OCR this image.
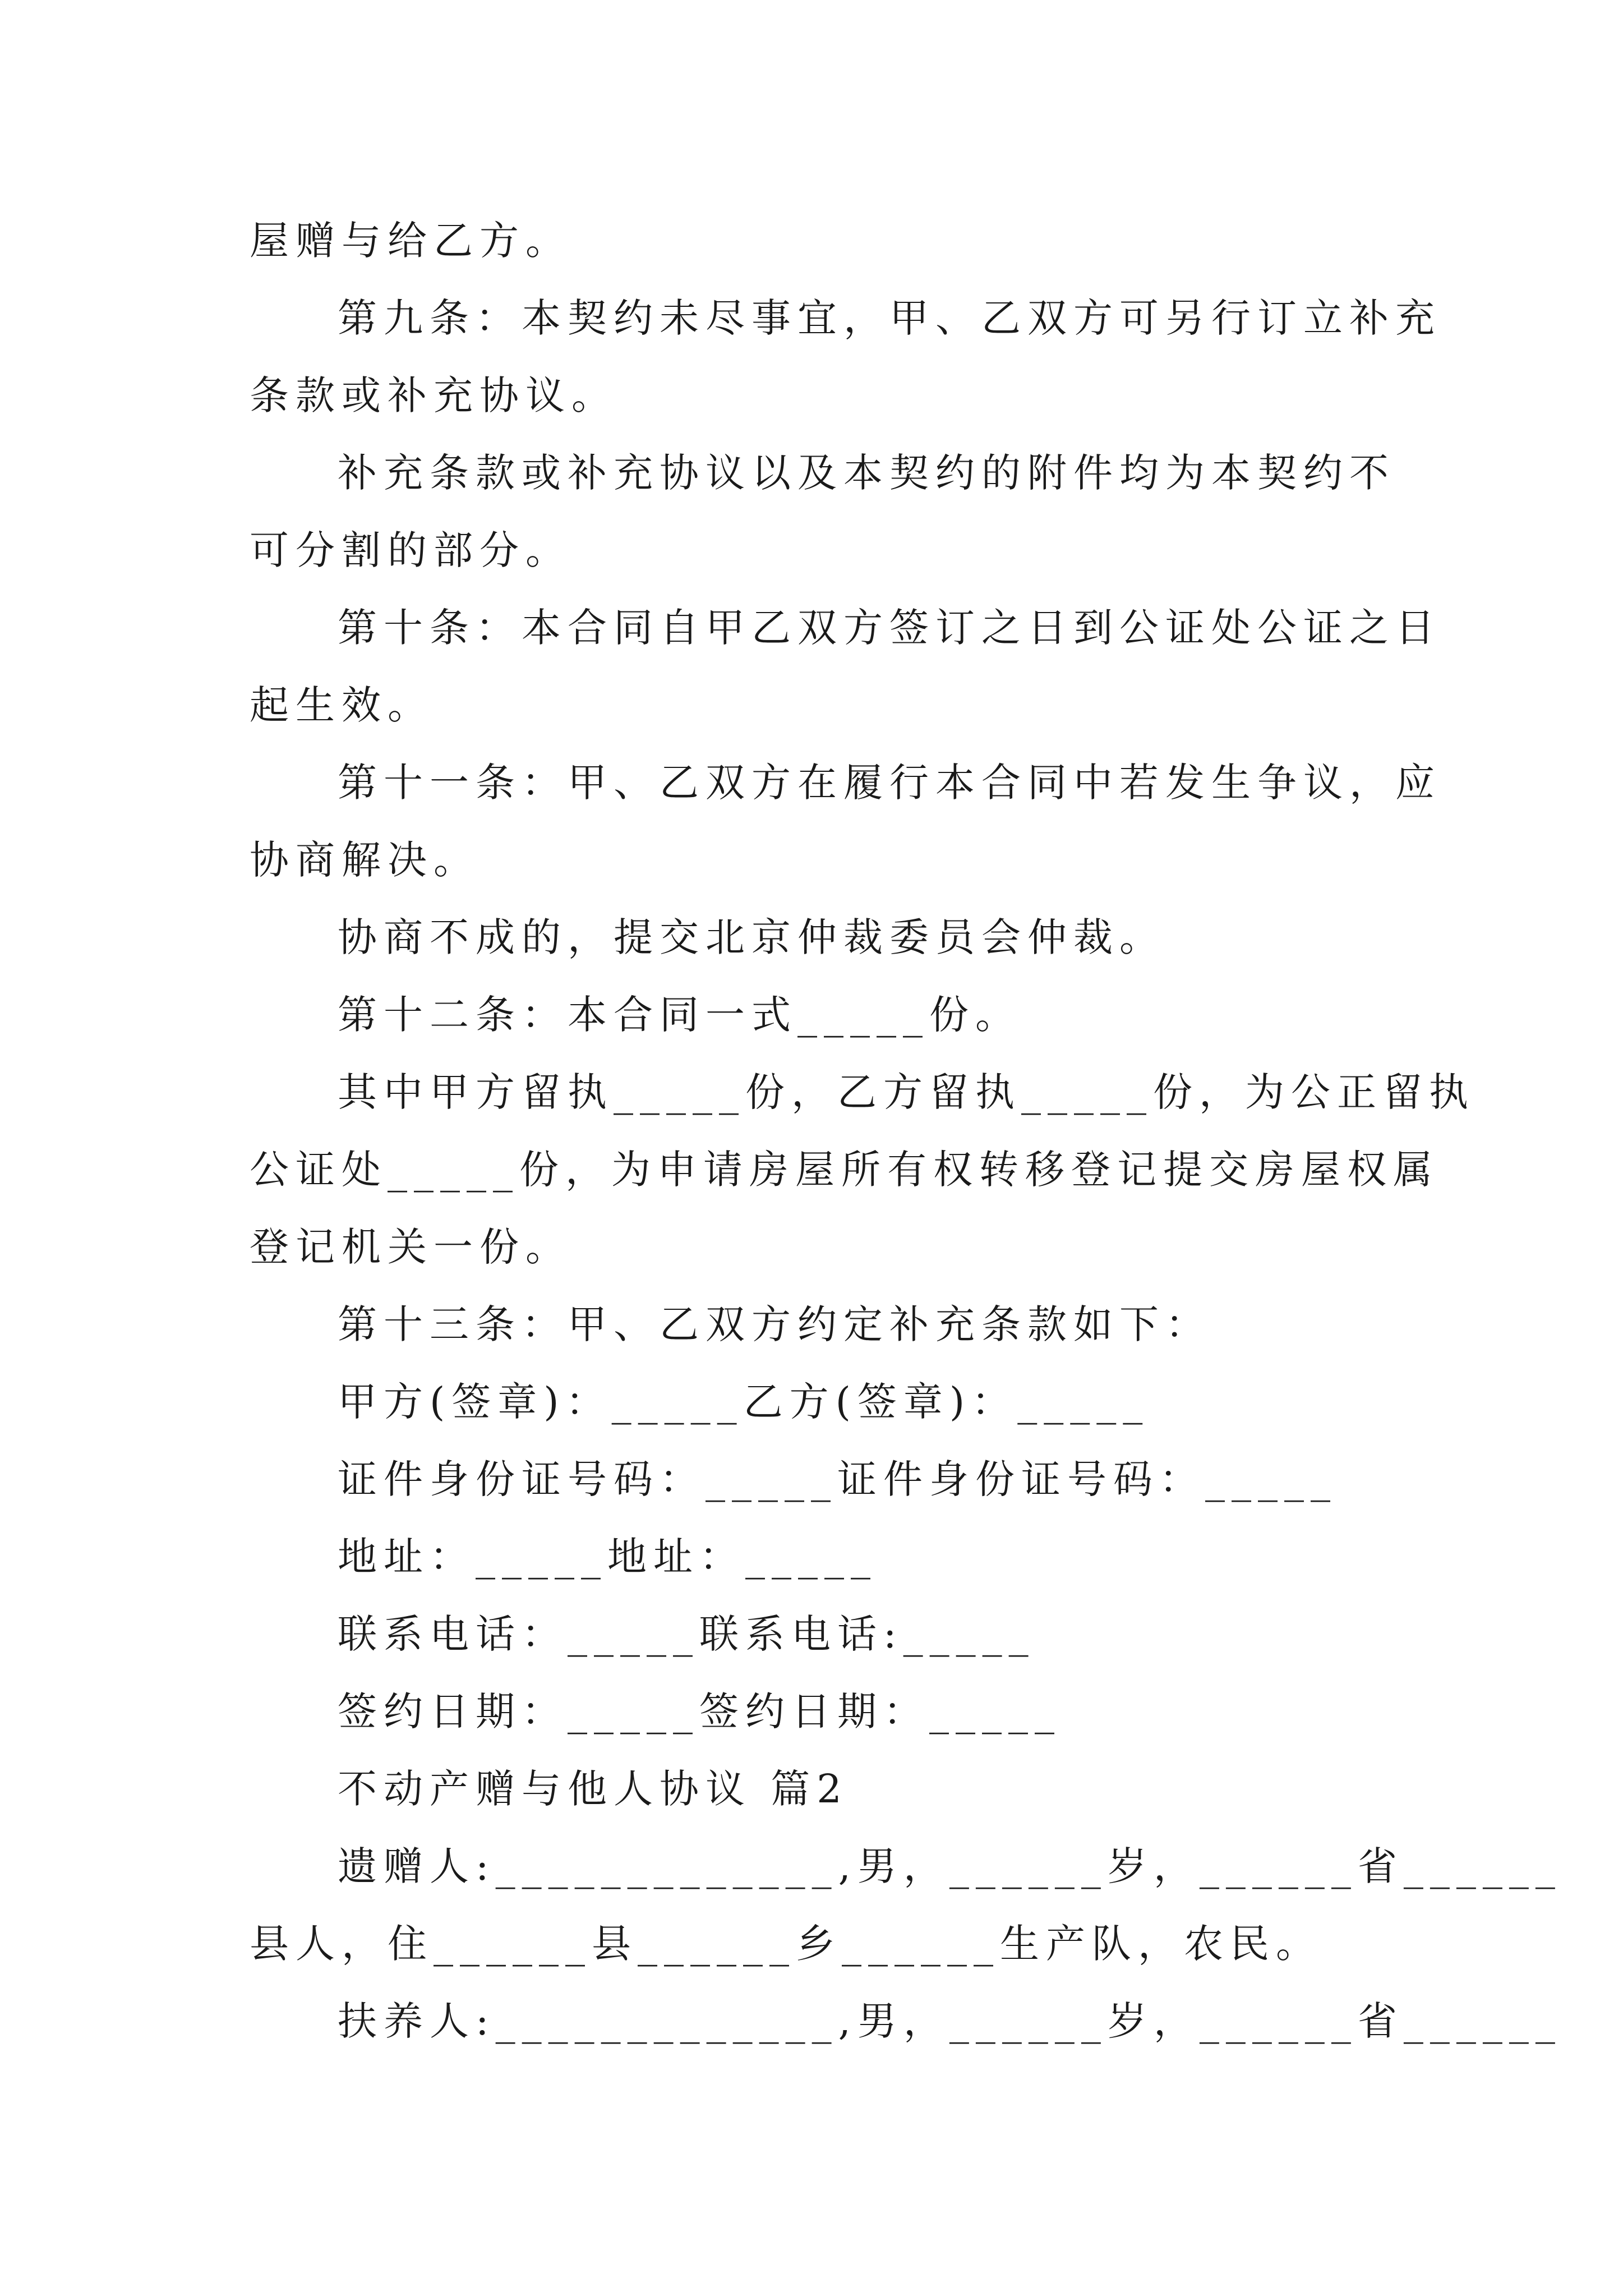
屋赠与给乙方。
第九条：本契约未尽事宜，甲、乙双方可另行订立补充
条款或补充协议。
补充条款或补充协议以及本契约的附件均为本契约不
可分割的部分。
第十条：本合同自甲乙双方签订之日到公证处公证之日
起生效。
第十一条：甲、乙双方在履行本合同中若发生争议，应
协商解决。
协商不成的，提交北京仲裁委员会仲裁。
第十二条：本合同一式_____份。
其中甲方留执_____份，乙方留执_____份，为公正留执
公证处_____份，为申请房屋所有权转移登记提交房屋权属
登记机关一份。
第十三条：甲、乙双方约定补充条款如下：
甲方(签章)：_____乙方(签章)：_____
证件身份证号码：_____证件身份证号码：_____
地址：_____地址：_____
联系电话：_____联系电话:_____
签约日期：_____签约日期：_____
不动产赠与他人协议 篇2
遗赠人:_____________,男，______岁，______省______
县人，住______县______乡______生产队，农民。
扶养人:_____________,男，______岁，______省______
